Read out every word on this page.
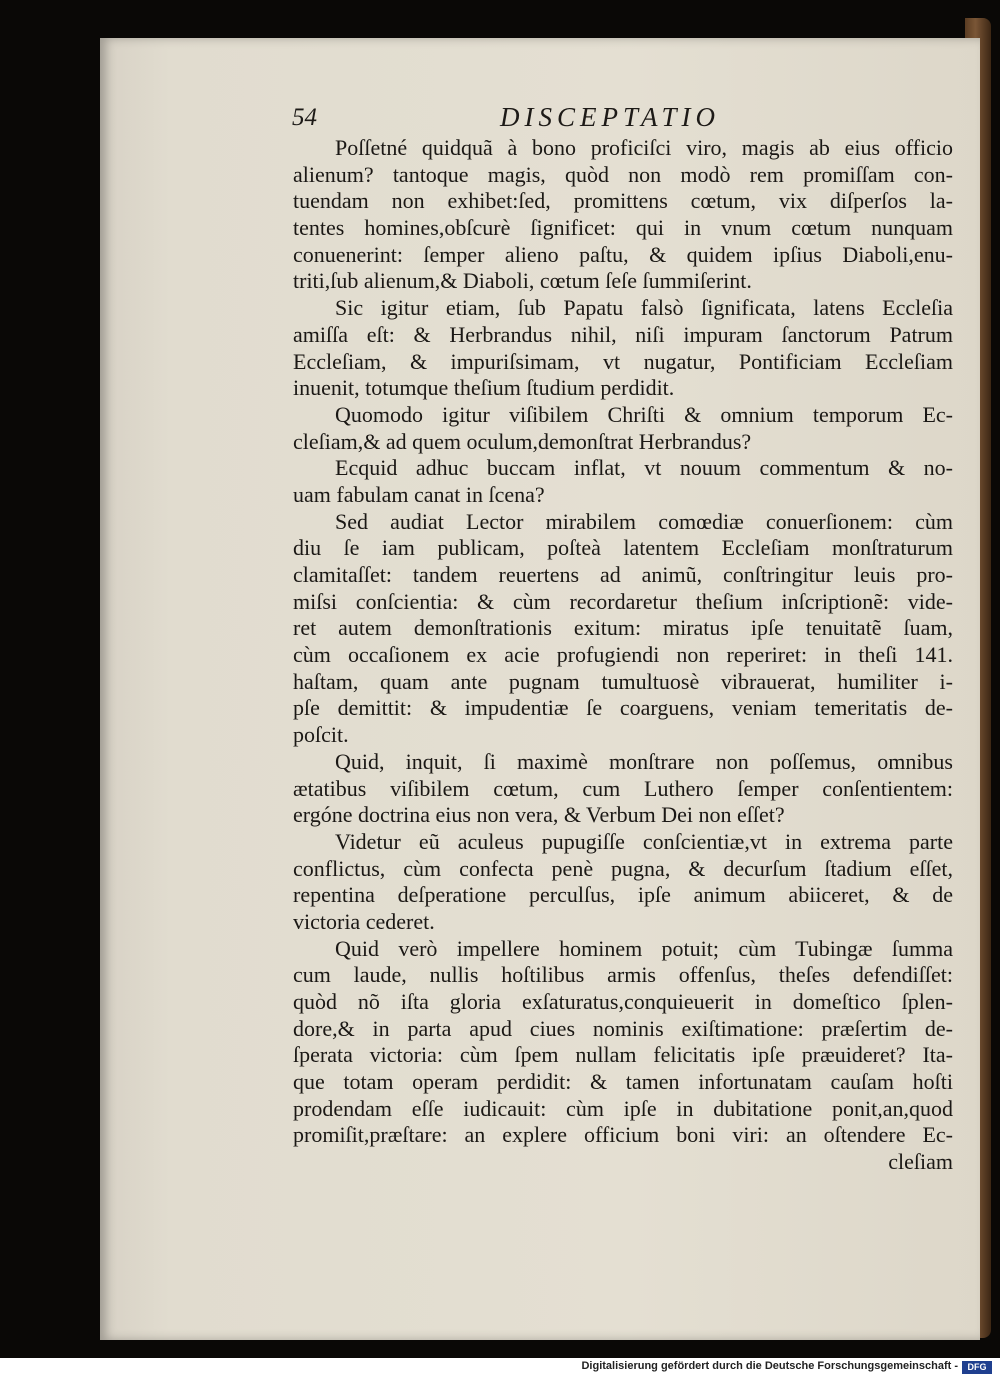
54	DISCEPTATIO
Poſſetné quidquã à bono proficiſci viro, magis ab eius officio
alienum? tantoque magis, quòd non modò rem promiſſam con-
tuendam non exhibet:ſed, promittens cœtum, vix diſperſos la-
tentes homines,obſcurè ſignificet: qui in vnum cœtum nunquam
conuenerint: ſemper alieno paſtu, & quidem ipſius Diaboli,enu-
triti,ſub alienum,& Diaboli, cœtum ſeſe ſummiſerint.
Sic igitur etiam, ſub Papatu falsò ſignificata, latens Eccleſia
amiſſa eſt: & Herbrandus nihil, niſi impuram ſanctorum Patrum
Eccleſiam, & impuriſsimam, vt nugatur, Pontificiam Eccleſiam
inuenit, totumque theſium ſtudium perdidit.
Quomodo igitur viſibilem Chriſti & omnium temporum Ec-
cleſiam,& ad quem oculum,demonſtrat Herbrandus?
Ecquid adhuc buccam inflat, vt nouum commentum & no-
uam fabulam canat in ſcena?
Sed audiat Lector mirabilem comœdiæ conuerſionem: cùm
diu ſe iam publicam, poſteà latentem Eccleſiam monſtraturum
clamitaſſet: tandem reuertens ad animũ, conſtringitur leuis pro-
miſsi conſcientia: & cùm recordaretur theſium inſcriptionẽ: vide-
ret autem demonſtrationis exitum: miratus ipſe tenuitatẽ ſuam,
cùm occaſionem ex acie profugiendi non reperiret: in theſi 141.
haſtam, quam ante pugnam tumultuosè vibrauerat, humiliter i-
pſe demittit: & impudentiæ ſe coarguens, veniam temeritatis de-
poſcit.
Quid, inquit, ſi maximè monſtrare non poſſemus, omnibus
ætatibus viſibilem cœtum, cum Luthero ſemper conſentientem:
ergóne doctrina eius non vera, & Verbum Dei non eſſet?
Videtur eũ aculeus pupugiſſe conſcientiæ,vt in extrema parte
conflictus, cùm confecta penè pugna, & decurſum ſtadium eſſet,
repentina deſperatione perculſus, ipſe animum abiiceret, & de
victoria cederet.
Quid verò impellere hominem potuit; cùm Tubingæ ſumma
cum laude, nullis hoſtilibus armis offenſus, theſes defendiſſet:
quòd nõ iſta gloria exſaturatus,conquieuerit in domeſtico ſplen-
dore,& in parta apud ciues nominis exiſtimatione: præſertim de-
ſperata victoria: cùm ſpem nullam felicitatis ipſe præuideret? Ita-
que totam operam perdidit: & tamen infortunatam cauſam hoſti
prodendam eſſe iudicauit: cùm ipſe in dubitatione ponit,an,quod
promiſit,præſtare: an explere officium boni viri: an oſtendere Ec-
cleſiam
Digitalisierung gefördert durch die Deutsche Forschungsgemeinschaft -	DFG
